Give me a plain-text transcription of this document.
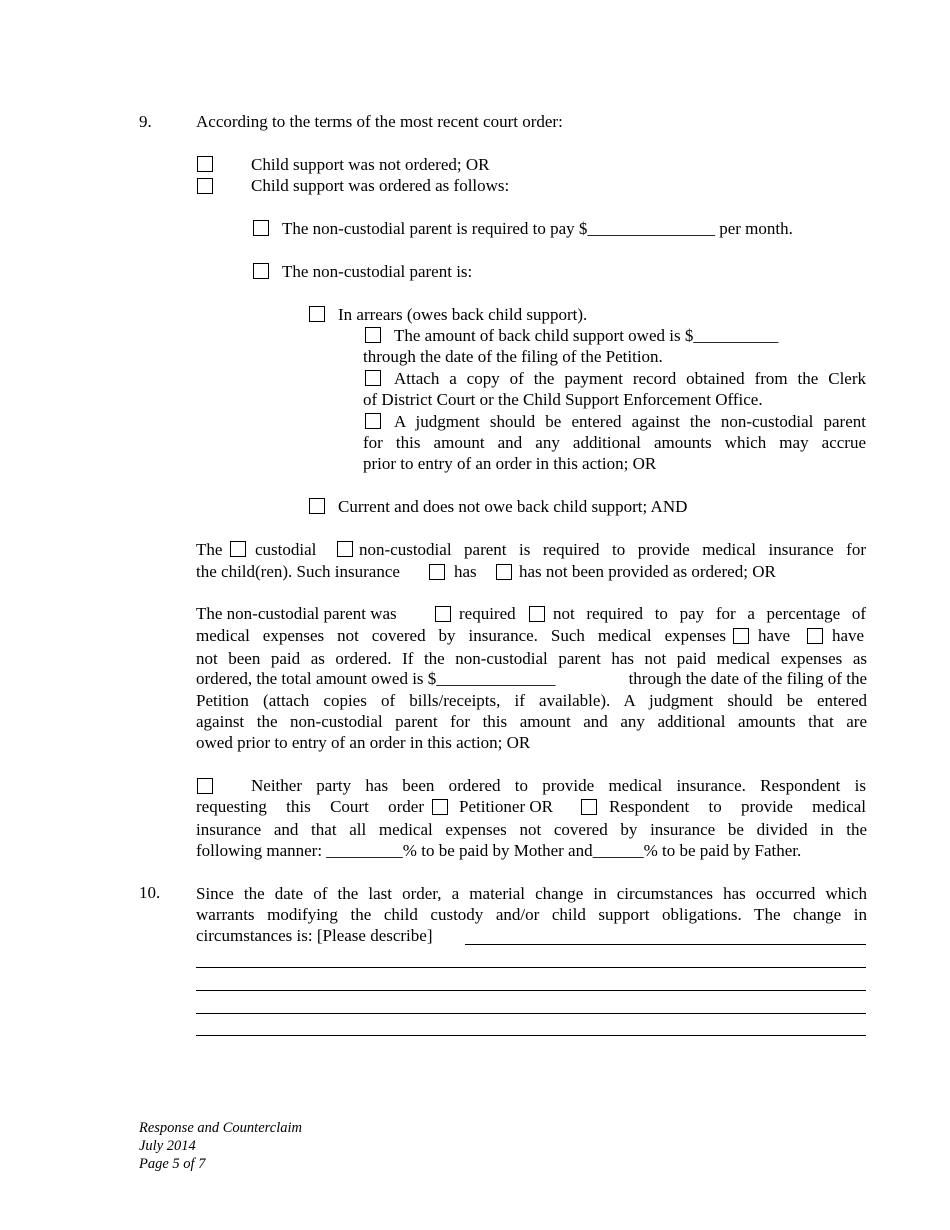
9.	According to the terms of the most recent court order:
Child support was not ordered; OR
Child support was ordered as follows:
The non-custodial parent is required to pay $_______________ per month.
The non-custodial parent is:
In arrears (owes back child support).
The amount of back child support owed is $__________
through the date of the filing of the Petition.
Attach a copy of the payment record obtained from the Clerk
of District Court or the Child Support Enforcement Office.
A judgment should be entered against the non-custodial parent
for this amount and any additional amounts which may accrue
prior to entry of an order in this action; OR
Current and does not owe back child support; AND
The custodial	non-custodial parent is required to provide medical insurance for
the child(ren). Such insurance	has has not been provided as ordered; OR
The non-custodial parent was	required not required to pay for a percentage of
medical expenses not covered by insurance. Such medical expenses have have
not been paid as ordered. If the non-custodial parent has not paid medical expenses as
ordered, the total amount owed is $______________	through the date of the filing of the
Petition (attach copies of bills/receipts, if available). A judgment should be entered
against the non-custodial parent for this amount and any additional amounts that are
owed prior to entry of an order in this action; OR
Neither party has been ordered to provide medical insurance. Respondent is
requesting this Court order Petitioner OR	Respondent to provide medical
insurance and that all medical expenses not covered by insurance be divided in the
following manner: _________% to be paid by Mother and______% to be paid by Father.
10. Since the date of the last order, a material change in circumstances has occurred which
warrants modifying the child custody and/or child support obligations. The change in
circumstances is: [Please describe]
Response and Counterclaim
July 2014
Page 5 of 7
